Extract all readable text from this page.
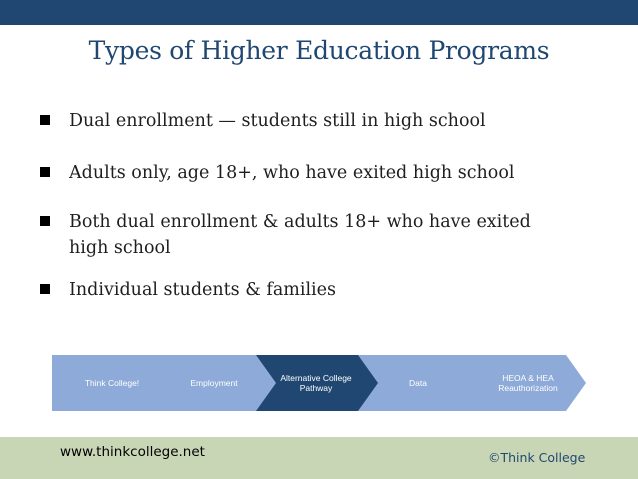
Types of Higher Education Programs
Dual enrollment — students still in high school
Adults only, age 18+, who have exited high school
Both dual enrollment & adults 18+ who have exited high school
Individual students & families
Think College!	Employment	Alternative College Pathway	Data	HEOA & HEA Reauthorization
www.thinkcollege.net	©Think College
